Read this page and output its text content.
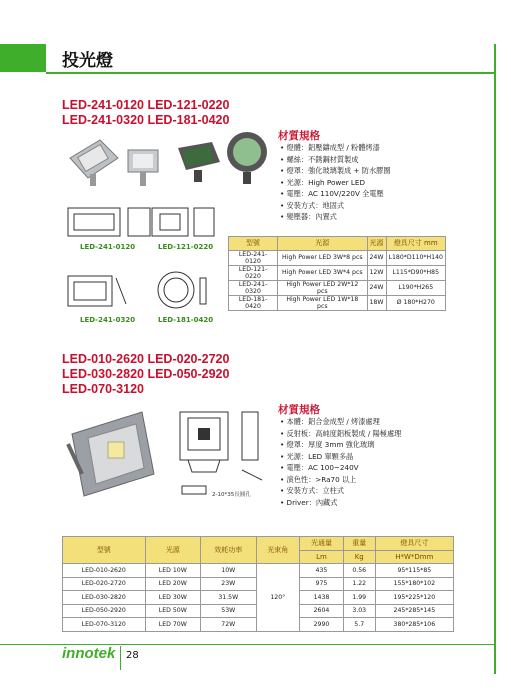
投光燈
LED-241-0120 LED-121-0220
LED-241-0320 LED-181-0420
LED-241-0120	LED-121-0220
LED-241-0320	LED-181-0420
材質規格
• 燈體：鋁壓鑄成型 / 粉體烤漆
• 螺絲：不銹鋼材質製成
• 燈罩：強化玻璃製成 + 防水膠圈
• 光源：High Power LED
• 電壓：AC 110V/220V 全電壓
• 安裝方式：地固式
• 變壓器：內置式
型號	光源	光源	燈具尺寸 mm
LED-241-0120	High Power LED 3W*8 pcs	24W	L180*D110*H140
LED-121-0220	High Power LED 3W*4 pcs	12W	L115*D90*H85
LED-241-0320	High Power LED 2W*12 pcs	24W	L190*H265
LED-181-0420	High Power LED 1W*18 pcs	18W	Ø 180*H270
LED-010-2620 LED-020-2720
LED-030-2820 LED-050-2920
LED-070-3120
2-10*35長圓孔
材質規格
• 本體：鋁合金成型 / 烤漆處理
• 反射板：高純度鋁板製成 / 陽極處理
• 燈罩：厚度 3mm 強化玻璃
• 光源：LED 單顆多晶
• 電壓：AC 100~240V
• 演色性：>Ra70 以上
• 安裝方式：立柱式
• Driver：內藏式
型號	光源	效耗功率	光束角	光通量	重量	燈具尺寸
				Lm	Kg	H*W*Dmm
LED-010-2620	LED 10W	10W	120°	435	0.56	95*115*85
LED-020-2720	LED 20W	23W		975	1.22	155*180*102
LED-030-2820	LED 30W	31.5W		1438	1.99	195*225*120
LED-050-2920	LED 50W	53W		2604	3.03	245*285*145
LED-070-3120	LED 70W	72W		2990	5.7	380*285*106
innotek 28
